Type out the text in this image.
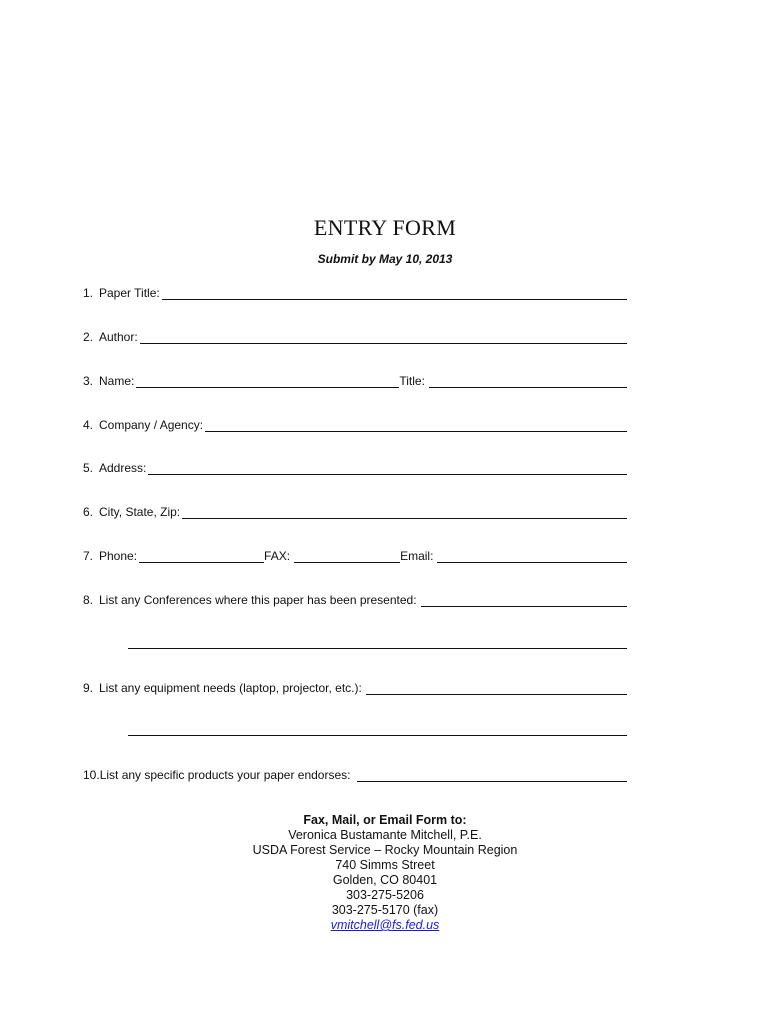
ENTRY FORM
Submit by May 10, 2013
1. Paper Title:
2. Author:
3. Name:	Title:
4. Company / Agency:
5. Address:
6. City, State, Zip:
7. Phone:	FAX:	Email:
8. List any Conferences where this paper has been presented:
9. List any equipment needs (laptop, projector, etc.):
10. List any specific products your paper endorses:
Fax, Mail, or Email Form to:
Veronica Bustamante Mitchell, P.E.
USDA Forest Service – Rocky Mountain Region
740 Simms Street
Golden, CO 80401
303-275-5206
303-275-5170 (fax)
vmitchell@fs.fed.us
